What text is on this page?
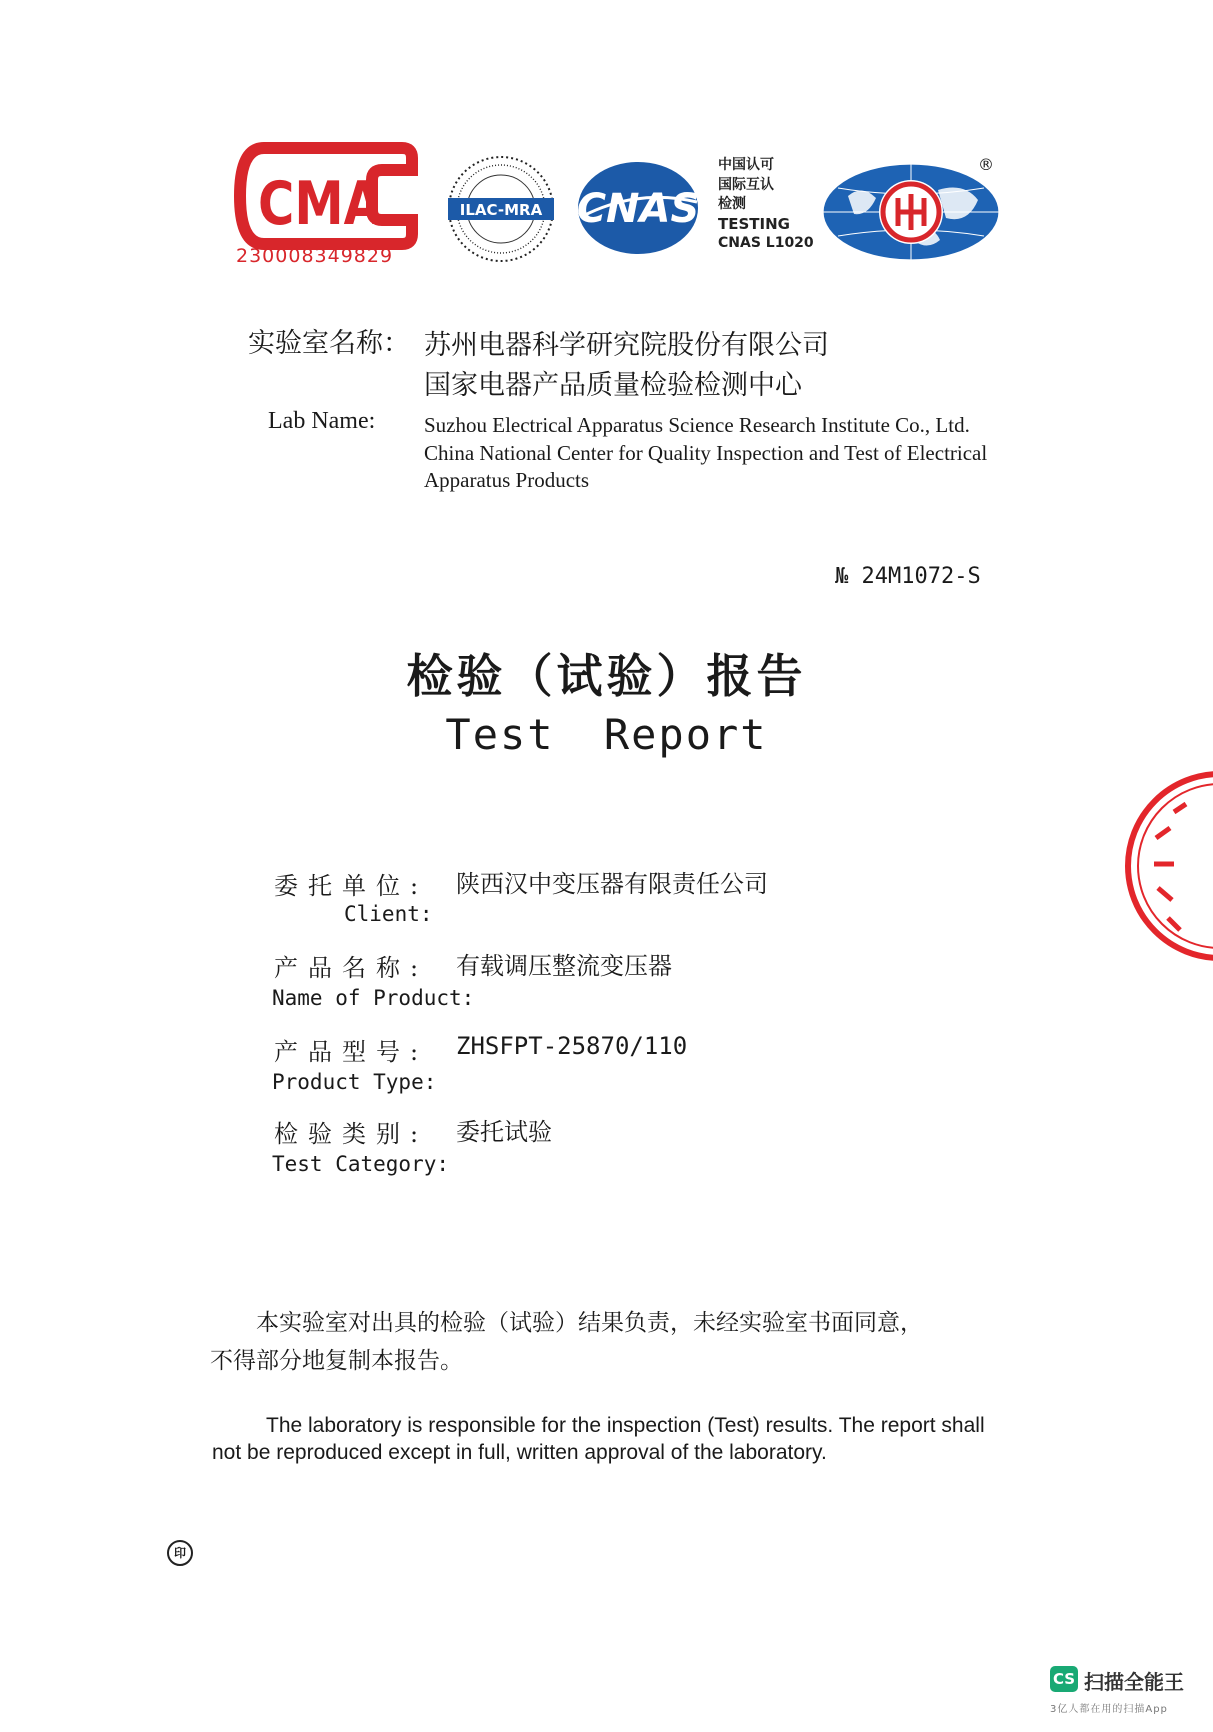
CMA
230008349829
ILAC-MRA CNAS
中国认可
国际互认
检测
TESTING
CNAS L1020
®
实验室名称： 苏州电器科学研究院股份有限公司
国家电器产品质量检验检测中心
Lab Name: Suzhou Electrical Apparatus Science Research Institute Co., Ltd.
China National Center for Quality Inspection and Test of Electrical
Apparatus Products
№ 24M1072-S
检验（试验）报告
Test Report
委托单位: 陕西汉中变压器有限责任公司
Client:
产品名称: 有载调压整流变压器
Name of Product:
产品型号: ZHSFPT-25870/110
Product Type:
检验类别: 委托试验
Test Category:
本实验室对出具的检验（试验）结果负责，未经实验室书面同意，
不得部分地复制本报告。
The laboratory is responsible for the inspection (Test) results. The report shall
not be reproduced except in full, written approval of the laboratory.
印
CS 扫描全能王
3亿人都在用的扫描App
